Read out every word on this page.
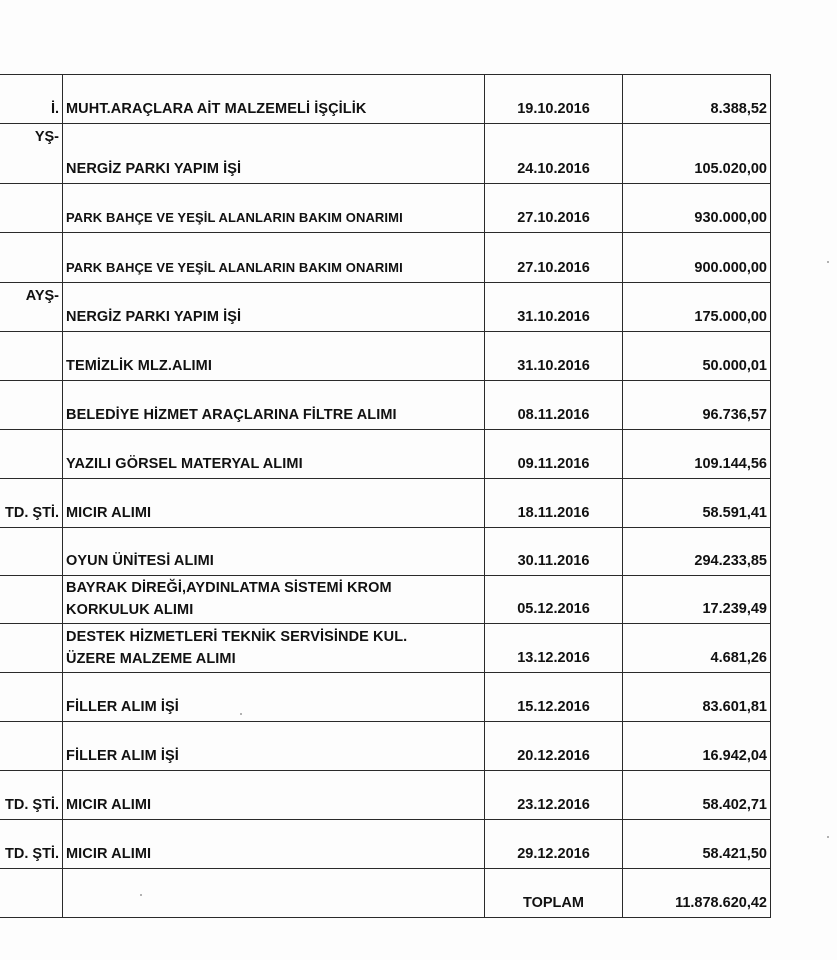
İ.	MUHT.ARAÇLARA AİT MALZEMELİ İŞÇİLİK	19.10.2016	8.388,52
YŞ-	NERGİZ PARKI YAPIM İŞİ	24.10.2016	105.020,00
	PARK BAHÇE VE YEŞİL ALANLARIN BAKIM ONARIMI	27.10.2016	930.000,00
	PARK BAHÇE VE YEŞİL ALANLARIN BAKIM ONARIMI	27.10.2016	900.000,00
AYŞ-	NERGİZ PARKI YAPIM İŞİ	31.10.2016	175.000,00
	TEMİZLİK MLZ.ALIMI	31.10.2016	50.000,01
	BELEDİYE HİZMET ARAÇLARINA FİLTRE ALIMI	08.11.2016	96.736,57
	YAZILI GÖRSEL MATERYAL ALIMI	09.11.2016	109.144,56
TD. ŞTİ.	MICIR ALIMI	18.11.2016	58.591,41
	OYUN ÜNİTESİ ALIMI	30.11.2016	294.233,85

	BAYRAK DİREĞİ,AYDINLATMA SİSTEMİ KROM
KORKULUK ALIMI	05.12.2016	17.239,49

	DESTEK HİZMETLERİ TEKNİK SERVİSİNDE KUL.
ÜZERE MALZEME ALIMI	13.12.2016	4.681,26
	FİLLER ALIM İŞİ	15.12.2016	83.601,81
	FİLLER ALIM İŞİ	20.12.2016	16.942,04
TD. ŞTİ.	MICIR ALIMI	23.12.2016	58.402,71
TD. ŞTİ.	MICIR ALIMI	29.12.2016	58.421,50
		TOPLAM	11.878.620,42
